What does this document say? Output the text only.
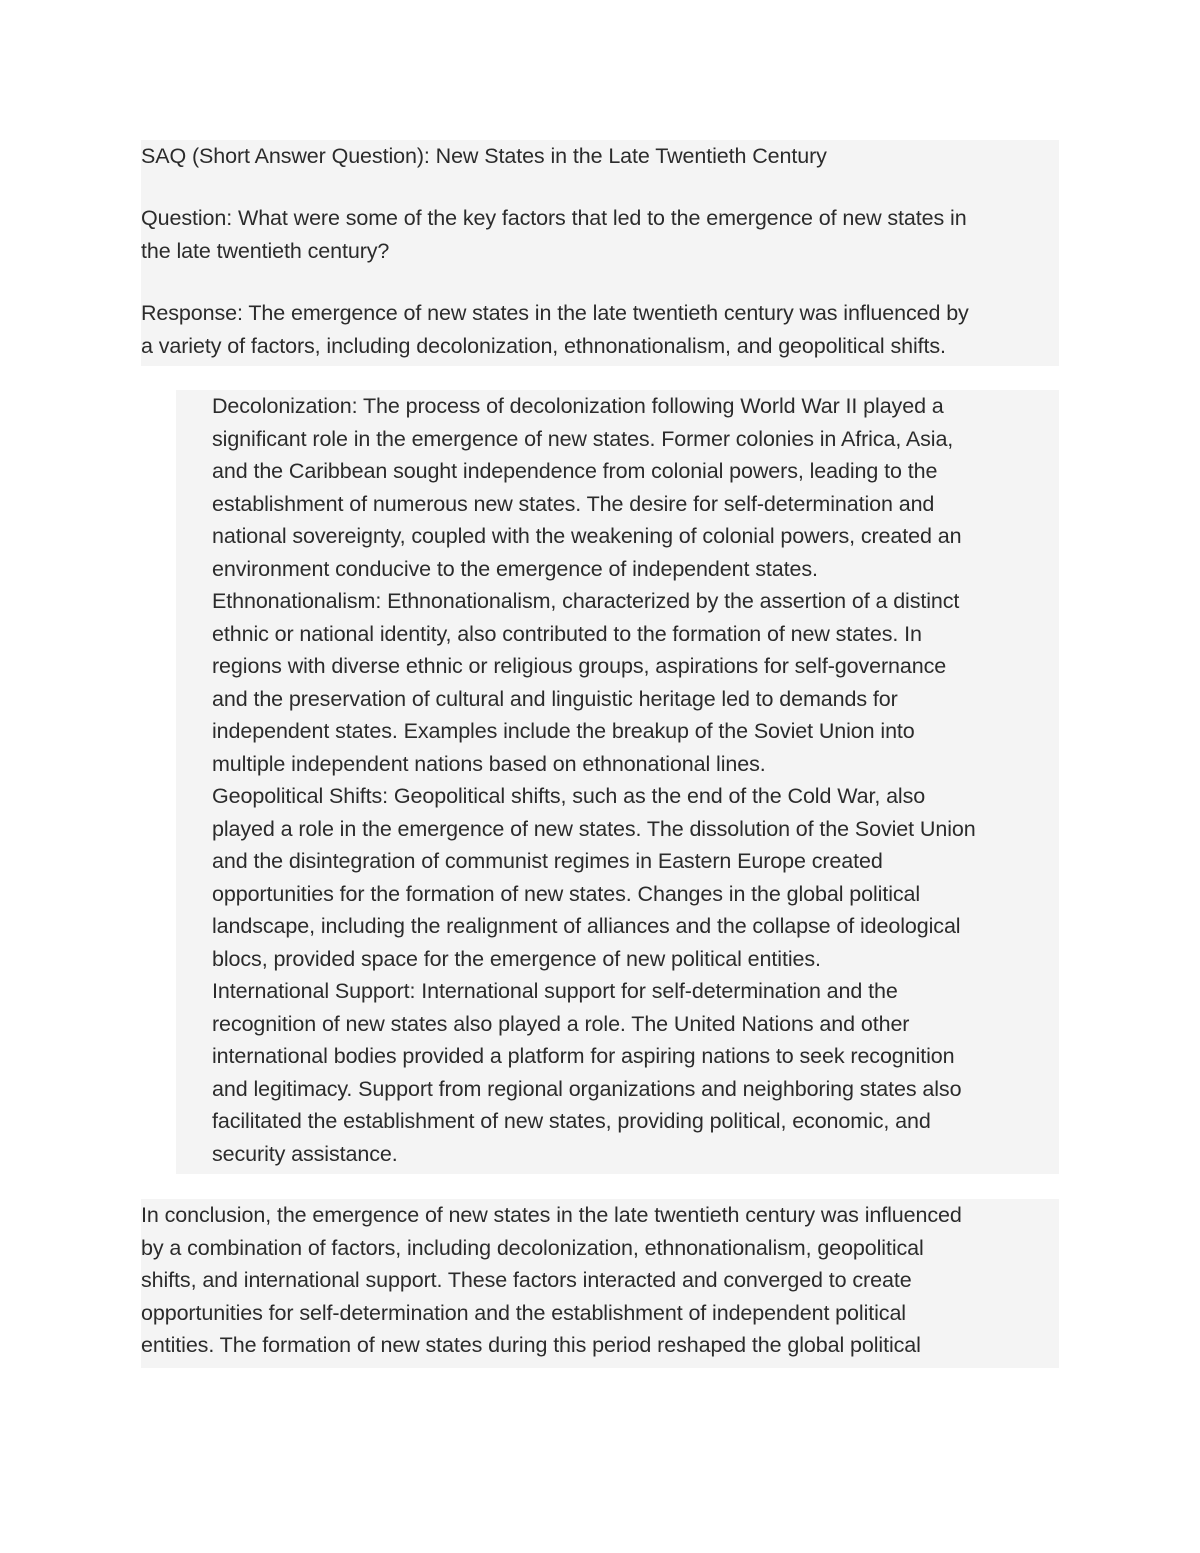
SAQ (Short Answer Question): New States in the Late Twentieth Century
Question: What were some of the key factors that led to the emergence of new states in
the late twentieth century?
Response: The emergence of new states in the late twentieth century was influenced by
a variety of factors, including decolonization, ethnonationalism, and geopolitical shifts.
Decolonization: The process of decolonization following World War II played a
significant role in the emergence of new states. Former colonies in Africa, Asia,
and the Caribbean sought independence from colonial powers, leading to the
establishment of numerous new states. The desire for self-determination and
national sovereignty, coupled with the weakening of colonial powers, created an
environment conducive to the emergence of independent states.
Ethnonationalism: Ethnonationalism, characterized by the assertion of a distinct
ethnic or national identity, also contributed to the formation of new states. In
regions with diverse ethnic or religious groups, aspirations for self-governance
and the preservation of cultural and linguistic heritage led to demands for
independent states. Examples include the breakup of the Soviet Union into
multiple independent nations based on ethnonational lines.
Geopolitical Shifts: Geopolitical shifts, such as the end of the Cold War, also
played a role in the emergence of new states. The dissolution of the Soviet Union
and the disintegration of communist regimes in Eastern Europe created
opportunities for the formation of new states. Changes in the global political
landscape, including the realignment of alliances and the collapse of ideological
blocs, provided space for the emergence of new political entities.
International Support: International support for self-determination and the
recognition of new states also played a role. The United Nations and other
international bodies provided a platform for aspiring nations to seek recognition
and legitimacy. Support from regional organizations and neighboring states also
facilitated the establishment of new states, providing political, economic, and
security assistance.
In conclusion, the emergence of new states in the late twentieth century was influenced
by a combination of factors, including decolonization, ethnonationalism, geopolitical
shifts, and international support. These factors interacted and converged to create
opportunities for self-determination and the establishment of independent political
entities. The formation of new states during this period reshaped the global political
